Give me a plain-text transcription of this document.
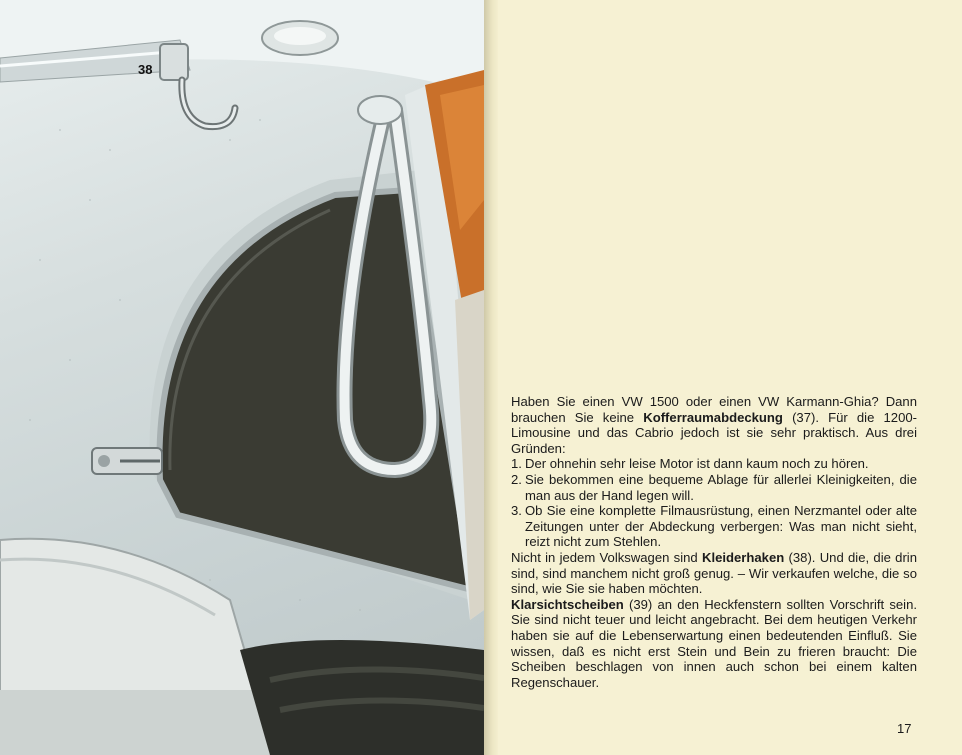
38

Haben Sie einen VW 1500 oder einen VW Karmann-Ghia? Dann brauchen Sie keine Kofferraumabdeckung (37). Für die 1200-Limousine und das Cabrio jedoch ist sie sehr praktisch. Aus drei Gründen:

1. Der ohnehin sehr leise Motor ist dann kaum noch zu hören.
2. Sie bekommen eine bequeme Ablage für allerlei Kleinigkeiten, die man aus der Hand legen will.
3. Ob Sie eine komplette Filmausrüstung, einen Nerzmantel oder alte Zeitungen unter der Abdeckung verbergen: Was man nicht sieht, reizt nicht zum Stehlen.

Nicht in jedem Volkswagen sind Kleiderhaken (38). Und die, die drin sind, sind manchem nicht groß genug. – Wir verkaufen welche, die so sind, wie Sie sie haben möchten.

Klarsichtscheiben (39) an den Heckfenstern sollten Vorschrift sein. Sie sind nicht teuer und leicht angebracht. Bei dem heutigen Verkehr haben sie auf die Lebenserwartung einen bedeutenden Einfluß. Sie wissen, daß es nicht erst Stein und Bein zu frieren braucht: Die Scheiben beschlagen von innen auch schon bei einem kalten Regenschauer.

17
